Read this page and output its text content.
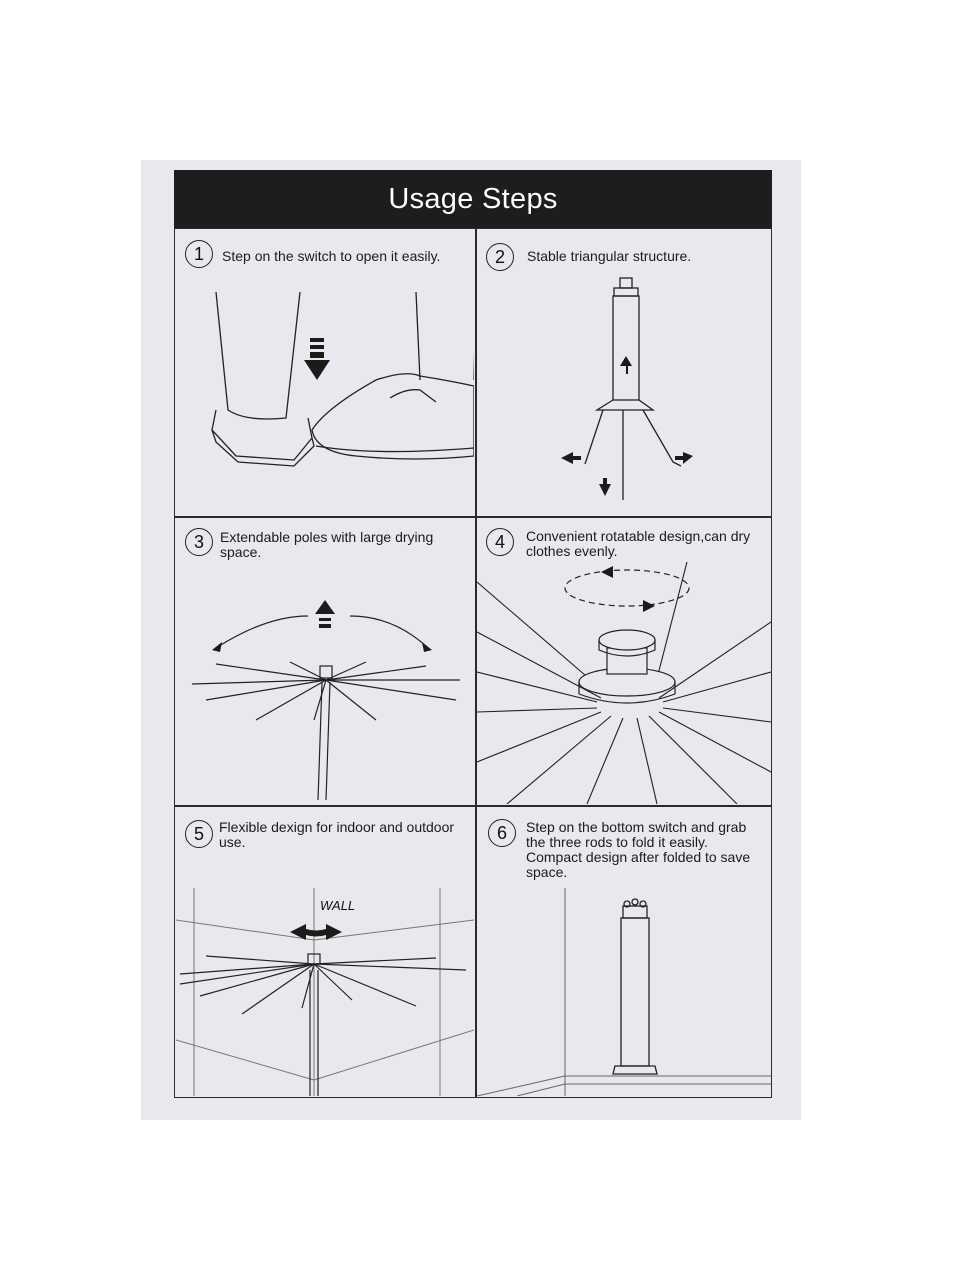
Usage Steps
1	Step on the switch to open it easily.	2	Stable triangular structure.
3	Extendable poles with large drying space.	4	Convenient rotatable design,can dry clothes evenly.
5	Flexible dexign for indoor and outdoor use.
WALL
6	Step on the bottom switch and grab the three rods to fold it easily. Compact design after folded to save space.
